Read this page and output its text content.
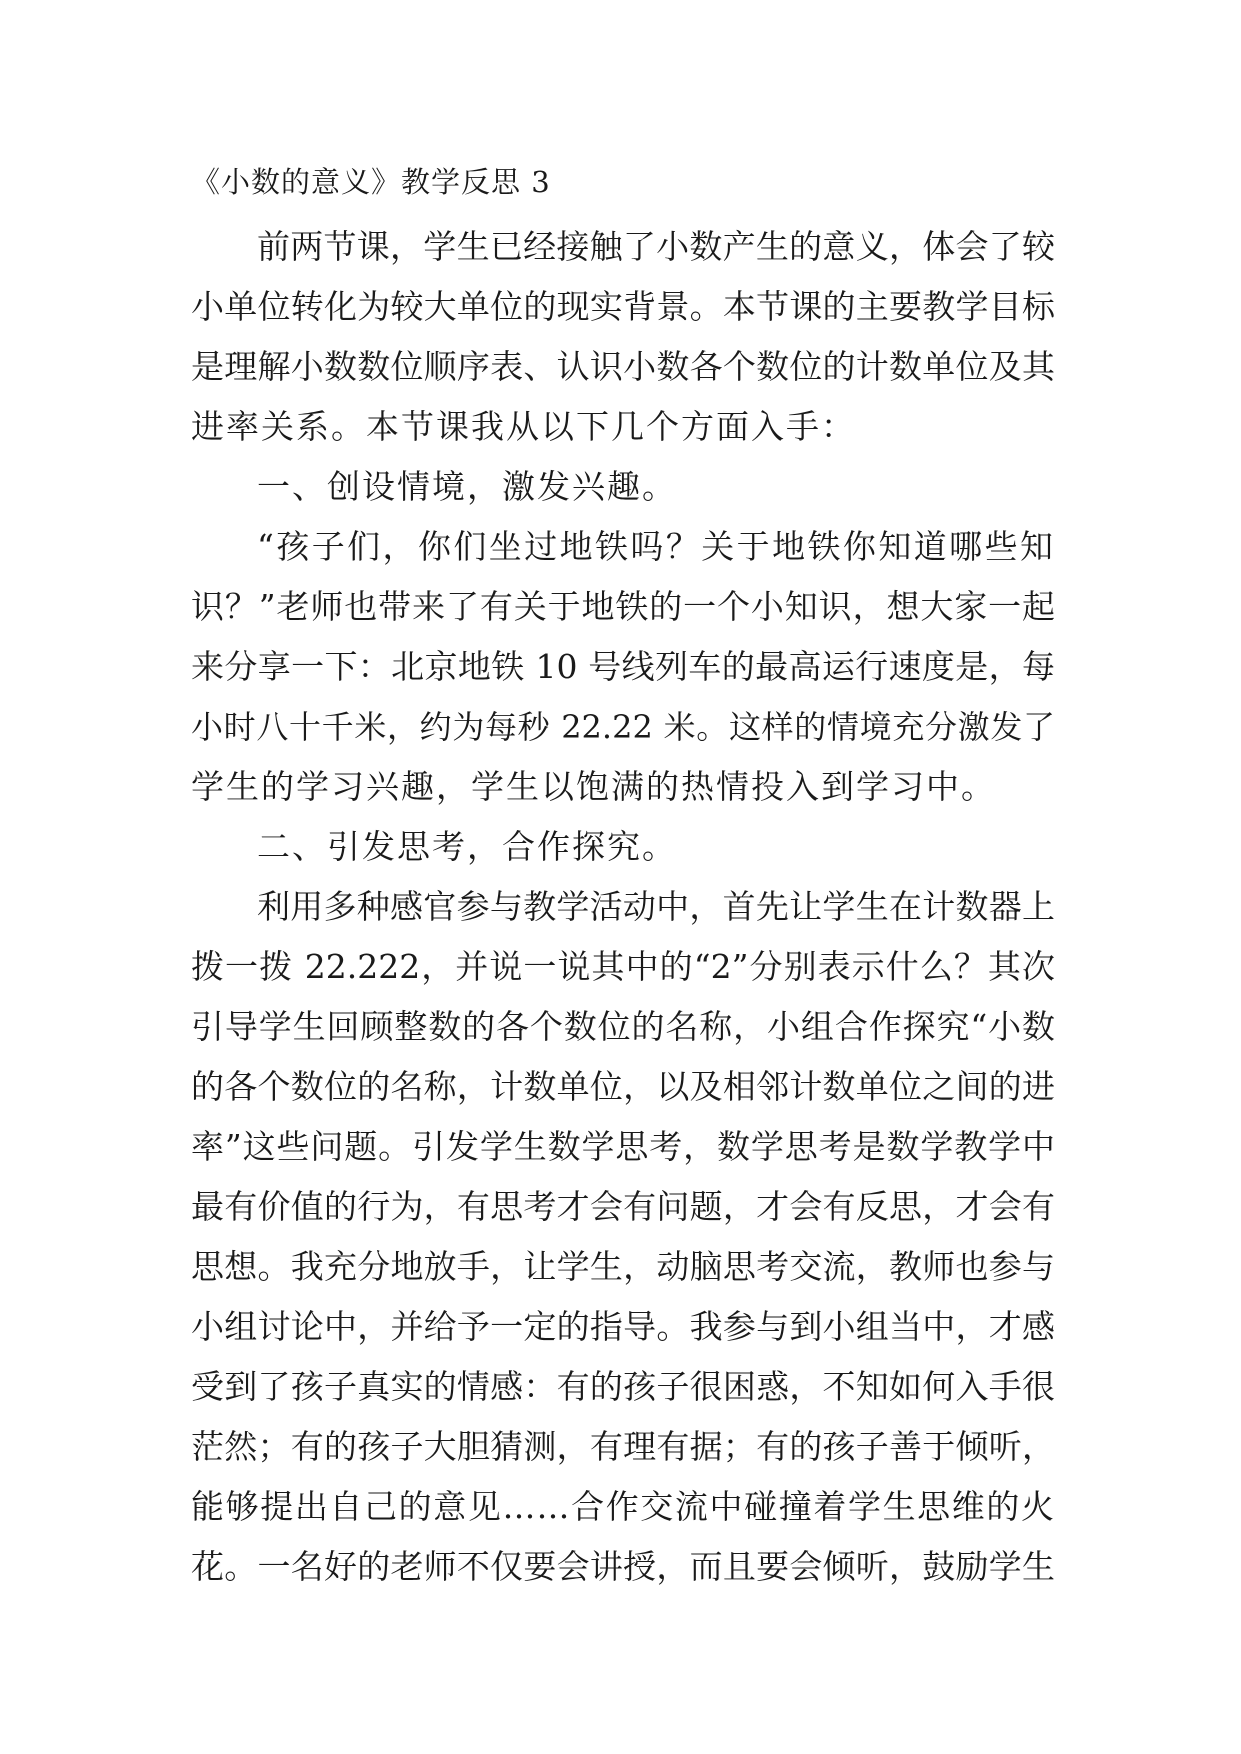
《小数的意义》教学反思 3
前两节课，学生已经接触了小数产生的意义，体会了较
小单位转化为较大单位的现实背景。本节课的主要教学目标
是理解小数数位顺序表、认识小数各个数位的计数单位及其
进率关系。本节课我从以下几个方面入手：
一、创设情境，激发兴趣。
“孩子们，你们坐过地铁吗？关于地铁你知道哪些知
识？”老师也带来了有关于地铁的一个小知识，想大家一起
来分享一下：北京地铁 10 号线列车的最高运行速度是，每
小时八十千米，约为每秒 22.22 米。这样的情境充分激发了
学生的学习兴趣，学生以饱满的热情投入到学习中。
二、引发思考，合作探究。
利用多种感官参与教学活动中，首先让学生在计数器上
拨一拨 22.222，并说一说其中的“2”分别表示什么？其次
引导学生回顾整数的各个数位的名称，小组合作探究“小数
的各个数位的名称，计数单位，以及相邻计数单位之间的进
率”这些问题。引发学生数学思考，数学思考是数学教学中
最有价值的行为，有思考才会有问题，才会有反思，才会有
思想。我充分地放手，让学生，动脑思考交流，教师也参与
小组讨论中，并给予一定的指导。我参与到小组当中，才感
受到了孩子真实的情感：有的孩子很困惑，不知如何入手很
茫然；有的孩子大胆猜测，有理有据；有的孩子善于倾听，
能够提出自己的意见……合作交流中碰撞着学生思维的火
花。一名好的老师不仅要会讲授，而且要会倾听，鼓励学生
